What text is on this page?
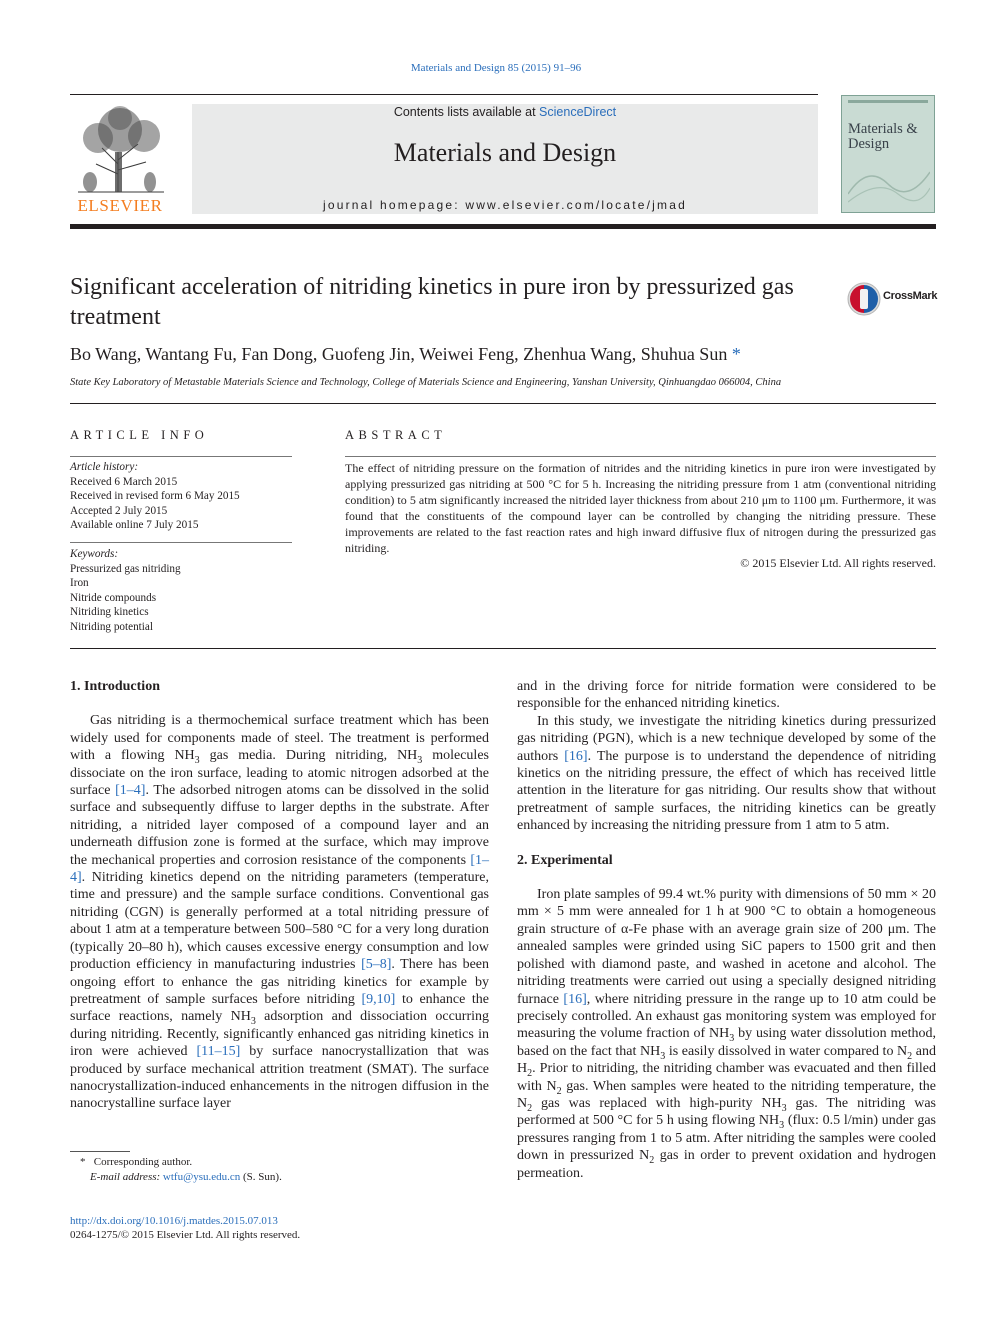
Materials and Design 85 (2015) 91–96
ELSEVIER
Contents lists available at ScienceDirect
Materials and Design
journal homepage: www.elsevier.com/locate/jmad
Materials & Design
Significant acceleration of nitriding kinetics in pure iron by pressurized gas treatment
CrossMark
Bo Wang, Wantang Fu, Fan Dong, Guofeng Jin, Weiwei Feng, Zhenhua Wang, Shuhua Sun *
State Key Laboratory of Metastable Materials Science and Technology, College of Materials Science and Engineering, Yanshan University, Qinhuangdao 066004, China
ARTICLE INFO
Article history:
Received 6 March 2015
Received in revised form 6 May 2015
Accepted 2 July 2015
Available online 7 July 2015
Keywords:
Pressurized gas nitriding
Iron
Nitride compounds
Nitriding kinetics
Nitriding potential
ABSTRACT
The effect of nitriding pressure on the formation of nitrides and the nitriding kinetics in pure iron were investigated by applying pressurized gas nitriding at 500 °C for 5 h. Increasing the nitriding pressure from 1 atm (conventional nitriding condition) to 5 atm significantly increased the nitrided layer thickness from about 210 μm to 1100 μm. Furthermore, it was found that the constituents of the compound layer can be controlled by changing the nitriding pressure. These improvements are related to the fast reaction rates and high inward diffusive flux of nitrogen during the pressurized gas nitriding.
© 2015 Elsevier Ltd. All rights reserved.
1. Introduction

Gas nitriding is a thermochemical surface treatment which has been widely used for components made of steel. The treatment is performed with a flowing $NH_3$ gas media. During nitriding, $NH_3$ molecules dissociate on the iron surface, leading to atomic nitrogen adsorbed at the surface [1–4]. The adsorbed nitrogen atoms can be dissolved in the solid surface and subsequently diffuse to larger depths in the substrate. After nitriding, a nitrided layer composed of a compound layer and an underneath diffusion zone is formed at the surface, which may improve the mechanical properties and corrosion resistance of the components [1–4]. Nitriding kinetics depend on the nitriding parameters (temperature, time and pressure) and the sample surface conditions. Conventional gas nitriding (CGN) is generally performed at a total nitriding pressure of about 1 atm at a temperature between 500–580 °C for a very long duration (typically 20–80 h), which causes excessive energy consumption and low production efficiency in manufacturing industries [5–8]. There has been ongoing effort to enhance the gas nitriding kinetics for example by pretreatment of sample surfaces before nitriding [9,10] to enhance the surface reactions, namely $NH_3$ adsorption and dissociation occurring during nitriding. Recently, significantly enhanced gas nitriding kinetics in iron were achieved [11–15] by surface nanocrystallization that was produced by surface mechanical attrition treatment (SMAT). The surface nanocrystallization-induced enhancements in the nitrogen diffusion in the nanocrystalline surface layer

* Corresponding author.
E-mail address: wtfu@ysu.edu.cn (S. Sun).
http://dx.doi.org/10.1016/j.matdes.2015.07.013
0264-1275/© 2015 Elsevier Ltd. All rights reserved.

and in the driving force for nitride formation were considered to be responsible for the enhanced nitriding kinetics.

In this study, we investigate the nitriding kinetics during pressurized gas nitriding (PGN), which is a new technique developed by some of the authors [16]. The purpose is to understand the dependence of nitriding kinetics on the nitriding pressure, the effect of which has received little attention in the literature for gas nitriding. Our results show that without pretreatment of sample surfaces, the nitriding kinetics can be greatly enhanced by increasing the nitriding pressure from 1 atm to 5 atm.

2. Experimental

Iron plate samples of 99.4 wt.% purity with dimensions of 50 mm × 20 mm × 5 mm were annealed for 1 h at 900 °C to obtain a homogeneous grain structure of α-Fe phase with an average grain size of 200 μm. The annealed samples were grinded using SiC papers to 1500 grit and then polished with diamond paste, and washed in acetone and alcohol. The nitriding treatments were carried out using a specially designed nitriding furnace [16], where nitriding pressure in the range up to 10 atm could be precisely controlled. An exhaust gas monitoring system was employed for measuring the volume fraction of $NH_3$ by using water dissolution method, based on the fact that $NH_3$ is easily dissolved in water compared to $N_2$ and $H_2$. Prior to nitriding, the nitriding chamber was evacuated and then filled with $N_2$ gas. When samples were heated to the nitriding temperature, the $N_2$ gas was replaced with high-purity $NH_3$ gas. The nitriding was performed at 500 °C for 5 h using flowing $NH_3$ (flux: 0.5 l/min) under gas pressures ranging from 1 to 5 atm. After nitriding the samples were cooled down in pressurized $N_2$ gas in order to prevent oxidation and hydrogen permeation.
